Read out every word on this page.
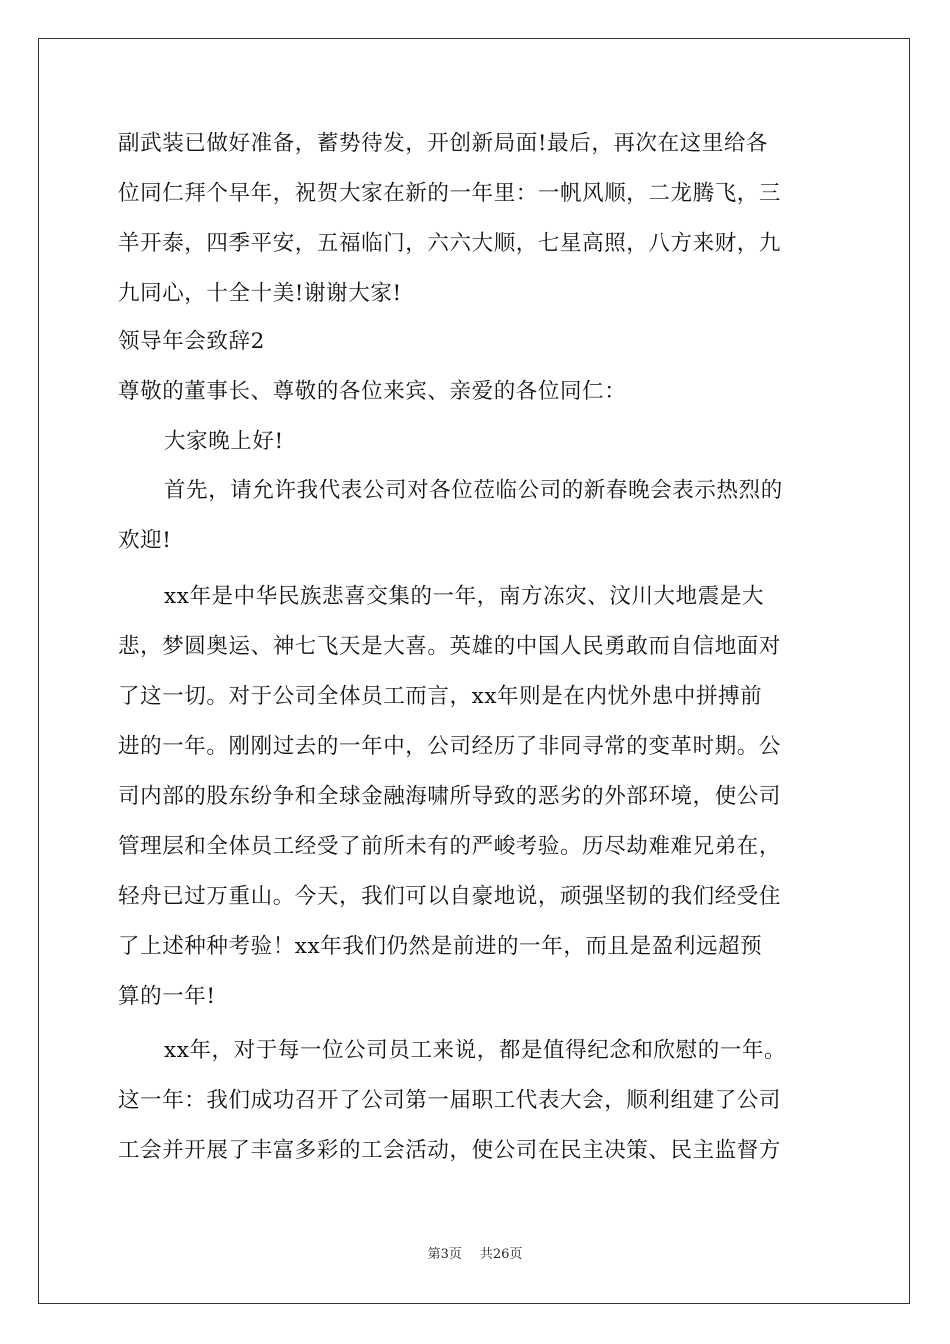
副武装已做好准备，蓄势待发，开创新局面!最后，再次在这里给各
位同仁拜个早年，祝贺大家在新的一年里：一帆风顺，二龙腾飞，三
羊开泰，四季平安，五福临门，六六大顺，七星高照，八方来财，九
九同心，十全十美!谢谢大家!
领导年会致辞2
尊敬的董事长、尊敬的各位来宾、亲爱的各位同仁：
大家晚上好!
首先，请允许我代表公司对各位莅临公司的新春晚会表示热烈的
欢迎!
xx年是中华民族悲喜交集的一年，南方冻灾、汶川大地震是大
悲，梦圆奥运、神七飞天是大喜。英雄的中国人民勇敢而自信地面对
了这一切。对于公司全体员工而言，xx年则是在内忧外患中拼搏前
进的一年。刚刚过去的一年中，公司经历了非同寻常的变革时期。公
司内部的股东纷争和全球金融海啸所导致的恶劣的外部环境，使公司
管理层和全体员工经受了前所未有的严峻考验。历尽劫难难兄弟在，
轻舟已过万重山。今天，我们可以自豪地说，顽强坚韧的我们经受住
了上述种种考验！xx年我们仍然是前进的一年，而且是盈利远超预
算的一年!
xx年，对于每一位公司员工来说，都是值得纪念和欣慰的一年。
这一年：我们成功召开了公司第一届职工代表大会，顺利组建了公司
工会并开展了丰富多彩的工会活动，使公司在民主决策、民主监督方
第3页 共26页
